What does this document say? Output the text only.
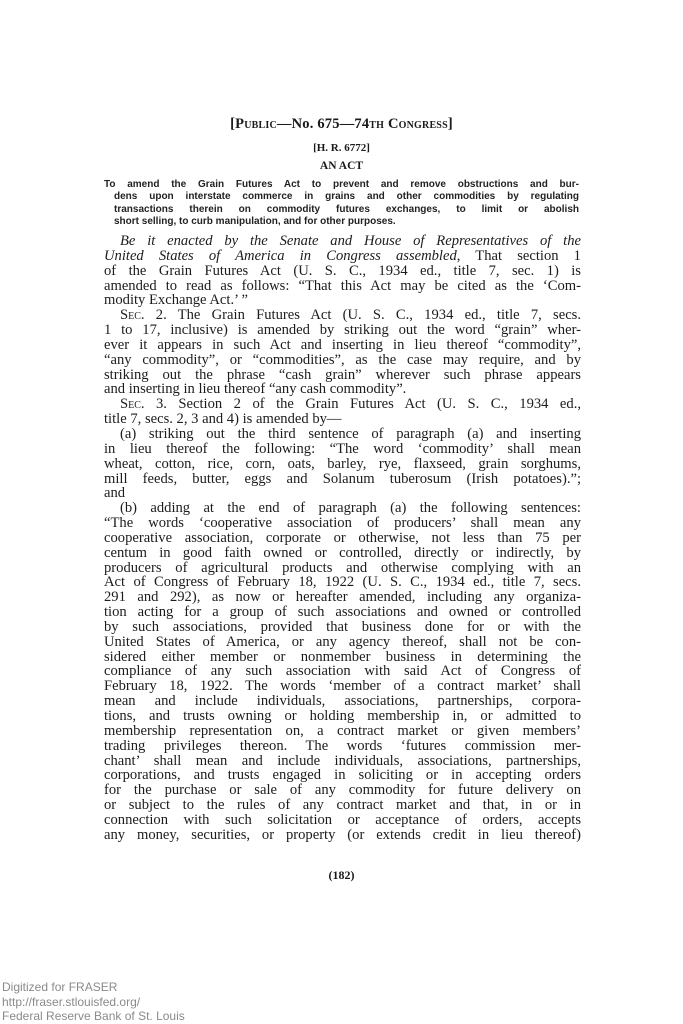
[Public—No. 675—74th Congress]
[H. R. 6772]
AN ACT
To amend the Grain Futures Act to prevent and remove obstructions and bur-
dens upon interstate commerce in grains and other commodities by regulating
transactions therein on commodity futures exchanges, to limit or abolish
short selling, to curb manipulation, and for other purposes.
Be it enacted by the Senate and House of Representatives of the
United States of America in Congress assembled, That section 1
of the Grain Futures Act (U. S. C., 1934 ed., title 7, sec. 1) is
amended to read as follows: “That this Act may be cited as the ‘Com-
modity Exchange Act.’ ”
Sec. 2. The Grain Futures Act (U. S. C., 1934 ed., title 7, secs.
1 to 17, inclusive) is amended by striking out the word “grain” wher-
ever it appears in such Act and inserting in lieu thereof “commodity”,
“any commodity”, or “commodities”, as the case may require, and by
striking out the phrase “cash grain” wherever such phrase appears
and inserting in lieu thereof “any cash commodity”.
Sec. 3. Section 2 of the Grain Futures Act (U. S. C., 1934 ed.,
title 7, secs. 2, 3 and 4) is amended by—
(a) striking out the third sentence of paragraph (a) and inserting
in lieu thereof the following: “The word ‘commodity’ shall mean
wheat, cotton, rice, corn, oats, barley, rye, flaxseed, grain sorghums,
mill feeds, butter, eggs and Solanum tuberosum (Irish potatoes).”;
and
(b) adding at the end of paragraph (a) the following sentences:
“The words ‘cooperative association of producers’ shall mean any
cooperative association, corporate or otherwise, not less than 75 per
centum in good faith owned or controlled, directly or indirectly, by
producers of agricultural products and otherwise complying with an
Act of Congress of February 18, 1922 (U. S. C., 1934 ed., title 7, secs.
291 and 292), as now or hereafter amended, including any organiza-
tion acting for a group of such associations and owned or controlled
by such associations, provided that business done for or with the
United States of America, or any agency thereof, shall not be con-
sidered either member or nonmember business in determining the
compliance of any such association with said Act of Congress of
February 18, 1922. The words ‘member of a contract market’ shall
mean and include individuals, associations, partnerships, corpora-
tions, and trusts owning or holding membership in, or admitted to
membership representation on, a contract market or given members’
trading privileges thereon. The words ‘futures commission mer-
chant’ shall mean and include individuals, associations, partnerships,
corporations, and trusts engaged in soliciting or in accepting orders
for the purchase or sale of any commodity for future delivery on
or subject to the rules of any contract market and that, in or in
connection with such solicitation or acceptance of orders, accepts
any money, securities, or property (or extends credit in lieu thereof)
(182)
Digitized for FRASER
http://fraser.stlouisfed.org/
Federal Reserve Bank of St. Louis
